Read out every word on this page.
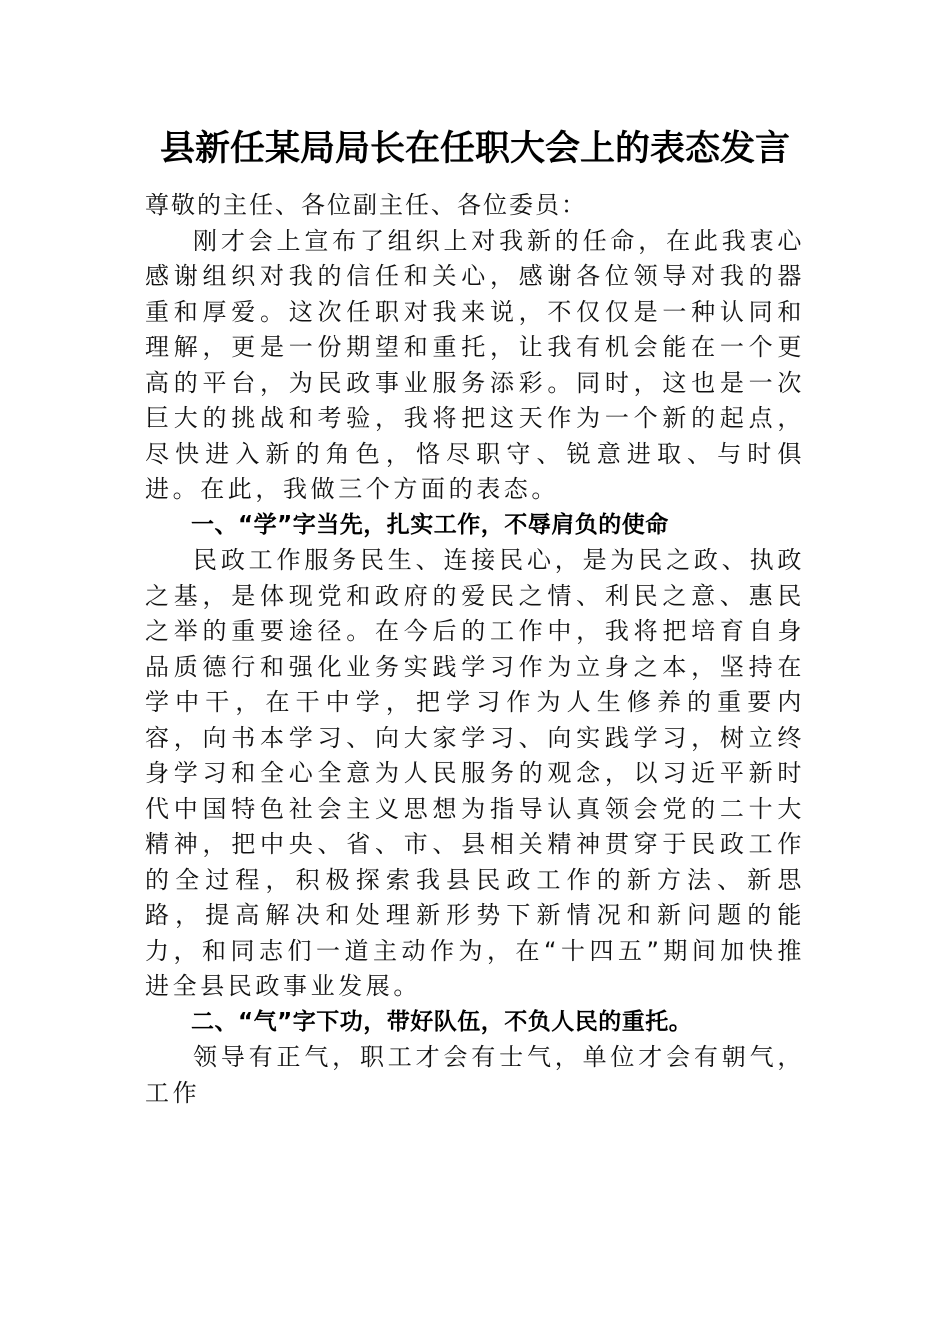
县新任某局局长在任职大会上的表态发言

尊敬的主任、各位副主任、各位委员：

刚才会上宣布了组织上对我新的任命，在此我衷心感谢组织对我的信任和关心，感谢各位领导对我的器重和厚爱。这次任职对我来说，不仅仅是一种认同和理解，更是一份期望和重托，让我有机会能在一个更高的平台，为民政事业服务添彩。同时，这也是一次巨大的挑战和考验，我将把这天作为一个新的起点，尽快进入新的角色，恪尽职守、锐意进取、与时俱进。在此，我做三个方面的表态。

一、“学”字当先，扎实工作，不辱肩负的使命

民政工作服务民生、连接民心，是为民之政、执政之基，是体现党和政府的爱民之情、利民之意、惠民之举的重要途径。在今后的工作中，我将把培育自身品质德行和强化业务实践学习作为立身之本，坚持在学中干，在干中学，把学习作为人生修养的重要内容，向书本学习、向大家学习、向实践学习，树立终身学习和全心全意为人民服务的观念，以习近平新时代中国特色社会主义思想为指导认真领会党的二十大精神，把中央、省、市、县相关精神贯穿于民政工作的全过程，积极探索我县民政工作的新方法、新思路，提高解决和处理新形势下新情况和新问题的能力，和同志们一道主动作为，在“十四五”期间加快推进全县民政事业发展。

二、“气”字下功，带好队伍，不负人民的重托。

领导有正气，职工才会有士气，单位才会有朝气，工作
